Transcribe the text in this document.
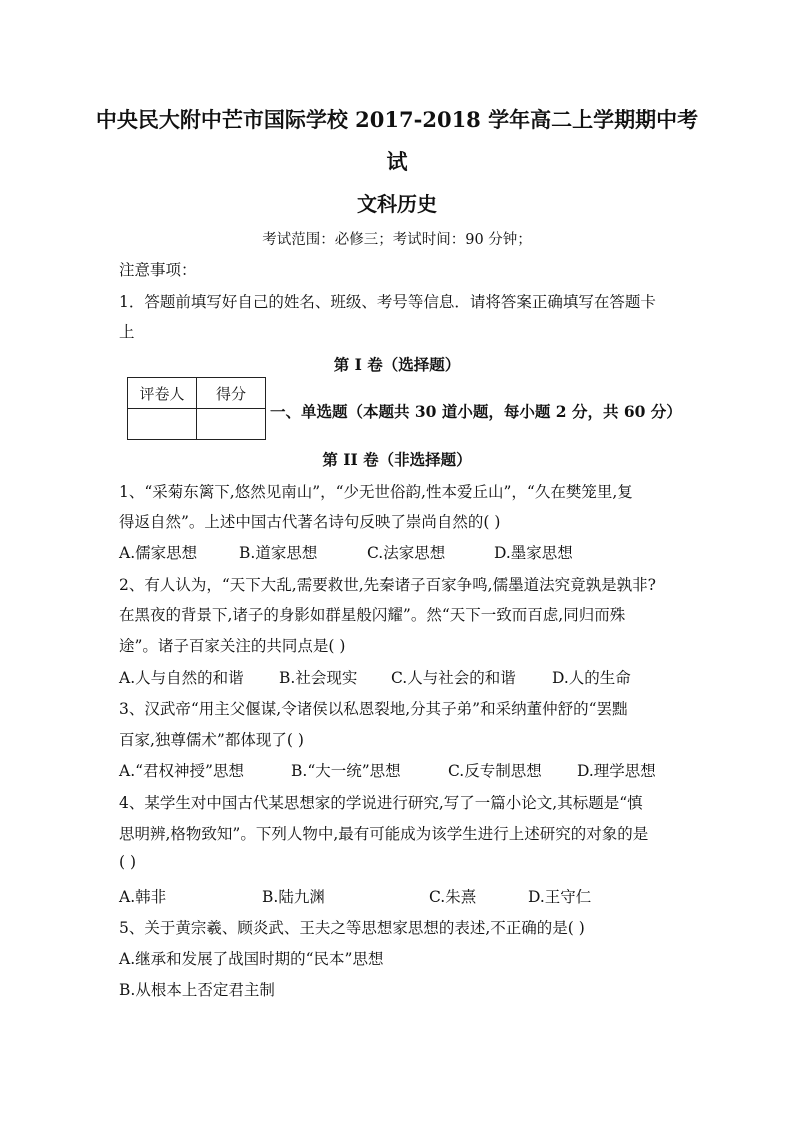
中央民大附中芒市国际学校 2017-2018 学年高二上学期期中考
试
文科历史
考试范围：必修三；考试时间：90 分钟；
注意事项：
1．答题前填写好自己的姓名、班级、考号等信息．请将答案正确填写在答题卡
上
第 I 卷（选择题）
评卷人	得分

一、单选题（本题共 30 道小题，每小题 2 分，共 60 分）
第 II 卷（非选择题）
1、“采菊东篱下,悠然见南山”，“少无世俗韵,性本爱丘山”，“久在樊笼里,复
得返自然”。上述中国古代著名诗句反映了崇尚自然的( )
A.儒家思想	B.道家思想	C.法家思想	D.墨家思想
2、有人认为，“天下大乱,需要救世,先秦诸子百家争鸣,儒墨道法究竟孰是孰非?
在黑夜的背景下,诸子的身影如群星般闪耀”。然“天下一致而百虑,同归而殊
途”。诸子百家关注的共同点是( )
A.人与自然的和谐 B.社会现实 C.人与社会的和谐 D.人的生命
3、汉武帝“用主父偃谋,令诸侯以私恩裂地,分其子弟”和采纳董仲舒的“罢黜
百家,独尊儒术”都体现了( )
A.“君权神授”思想	B.“大一统”思想	C.反专制思想 D.理学思想
4、某学生对中国古代某思想家的学说进行研究,写了一篇小论文,其标题是“慎
思明辨,格物致知”。下列人物中,最有可能成为该学生进行上述研究的对象的是
( )
A.韩非	B.陆九渊	C.朱熹	D.王守仁
5、关于黄宗羲、顾炎武、王夫之等思想家思想的表述,不正确的是( )
A.继承和发展了战国时期的“民本”思想
B.从根本上否定君主制
